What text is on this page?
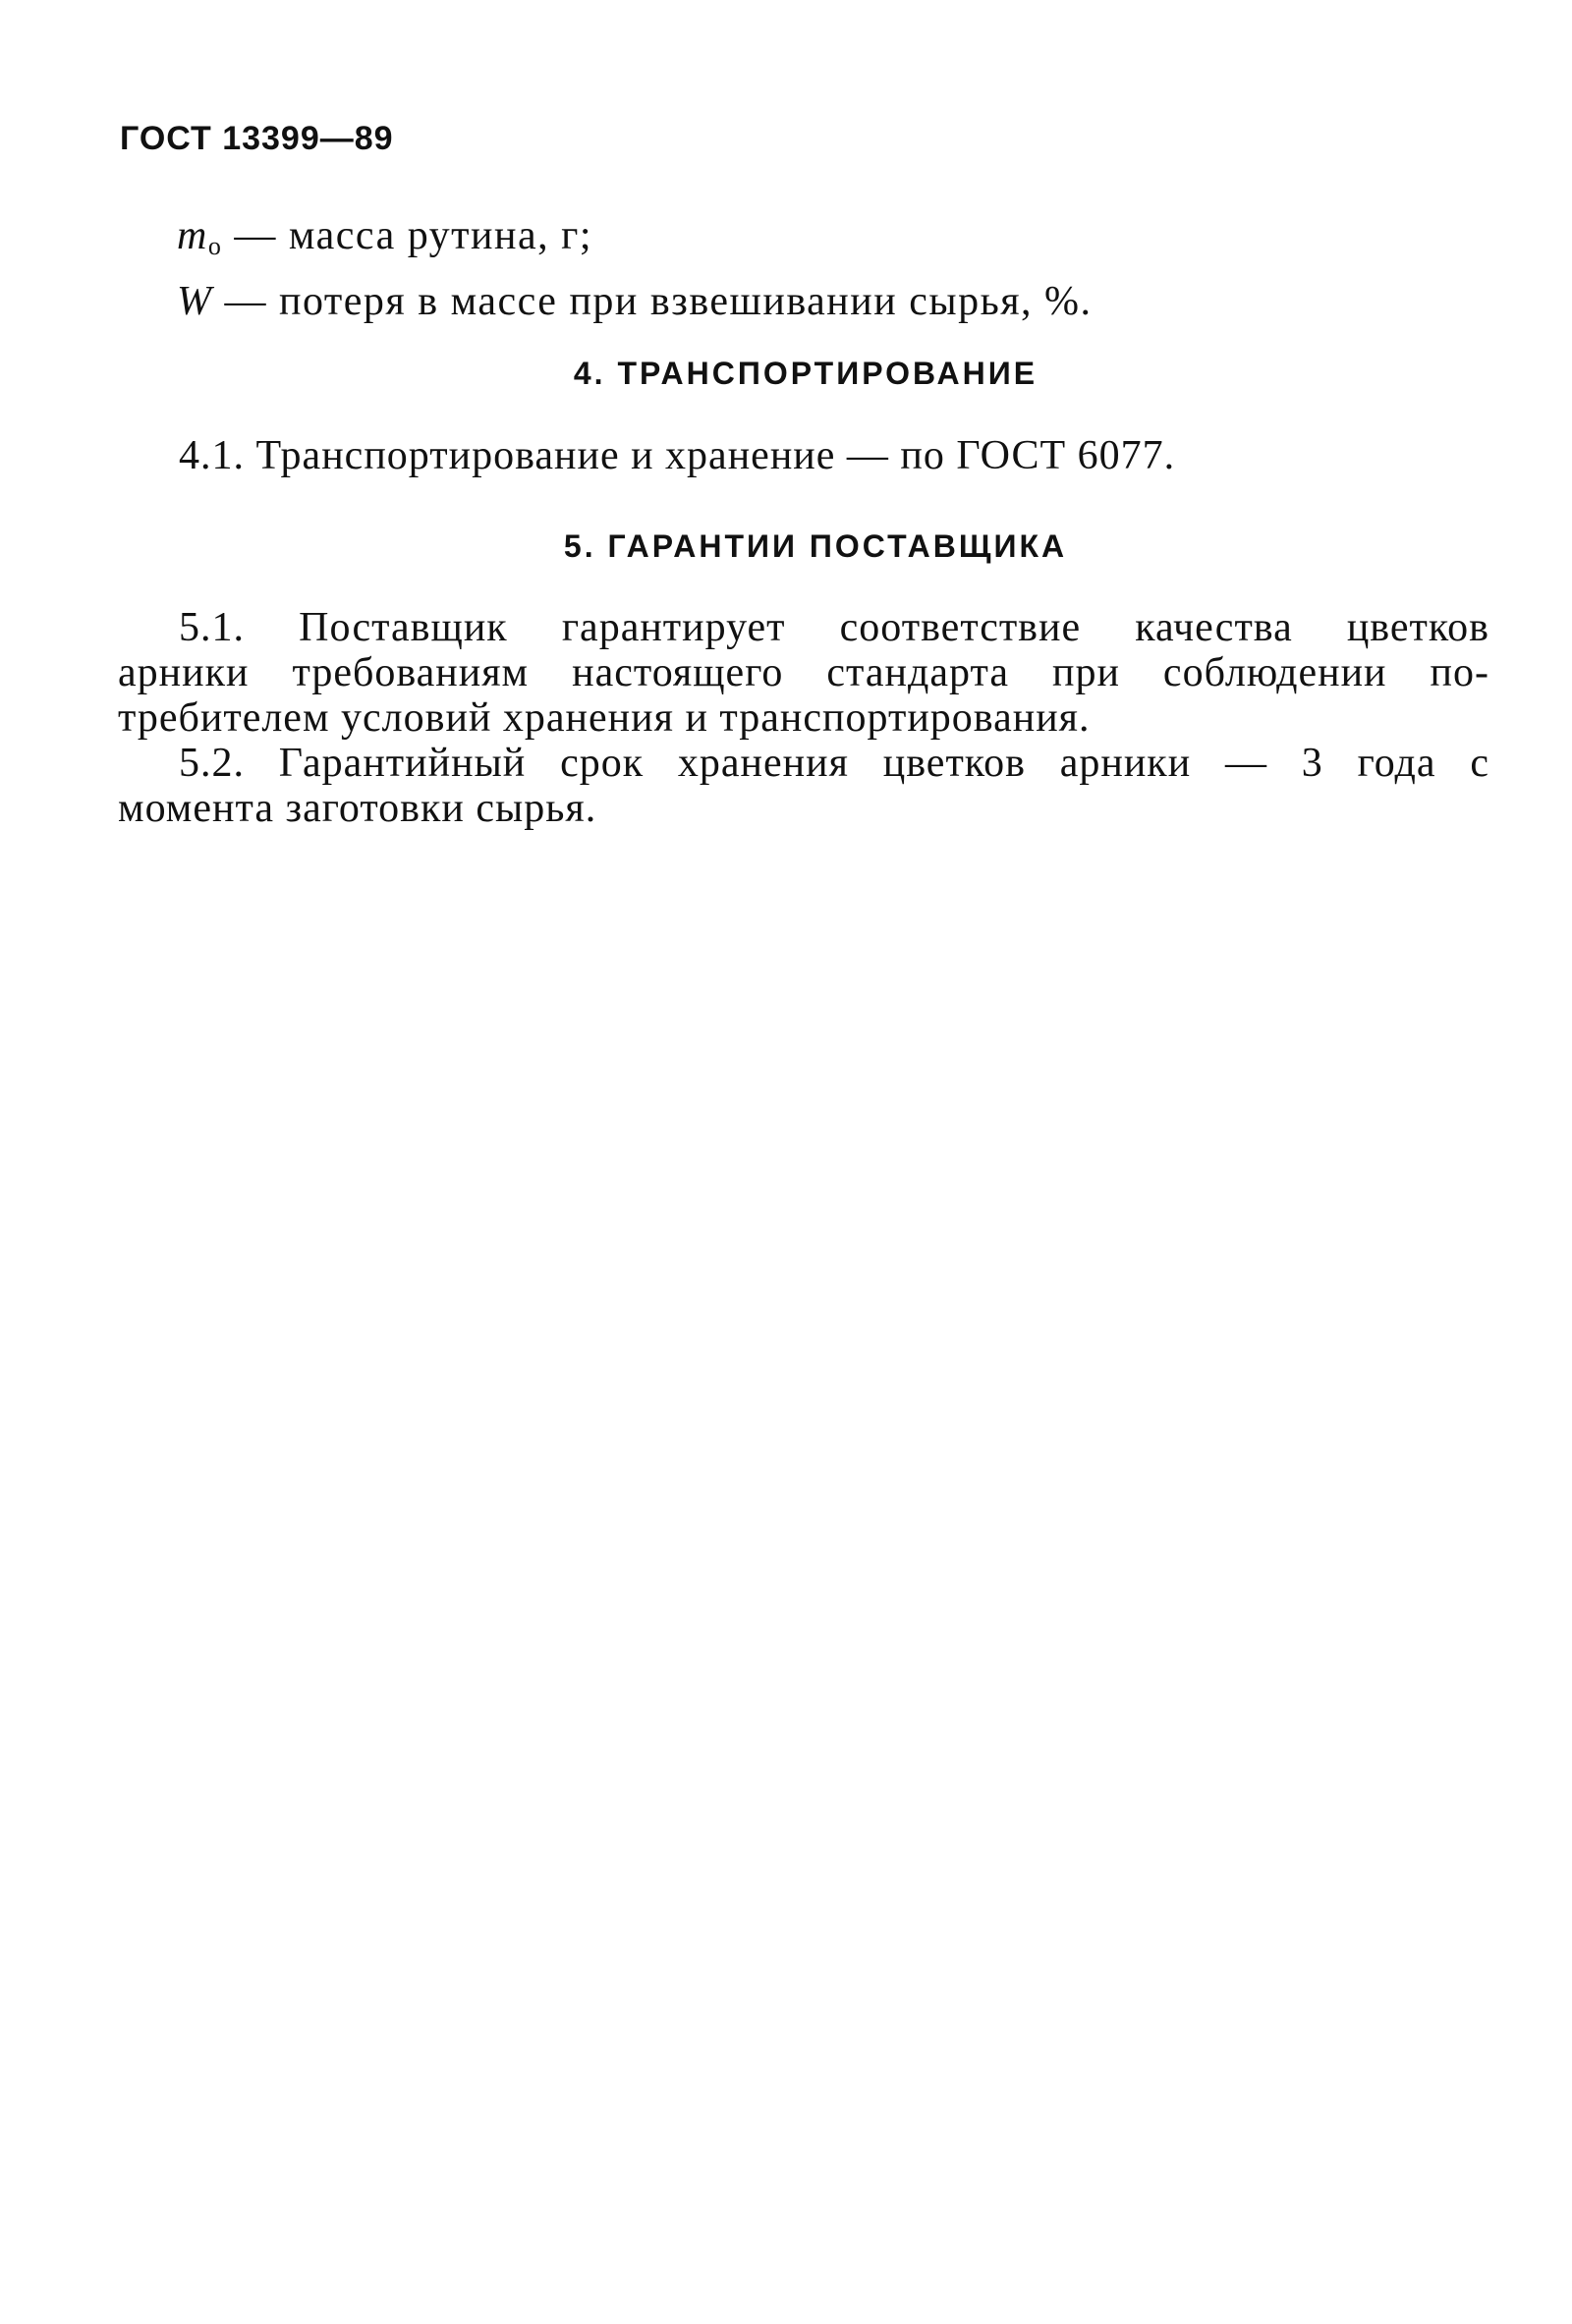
ГОСТ 13399—89
$m_о$ — масса рутина, г;
W — потеря в массе при взвешивании сырья, %.
4. ТРАНСПОРТИРОВАНИЕ
4.1. Транспортирование и хранение — по ГОСТ 6077.
5. ГАРАНТИИ ПОСТАВЩИКА
5.1. Поставщик гарантирует соответствие качества цветков
арники требованиям настоящего стандарта при соблюдении по-
требителем условий хранения и транспортирования.
5.2. Гарантийный срок хранения цветков арники — 3 года с
момента заготовки сырья.
